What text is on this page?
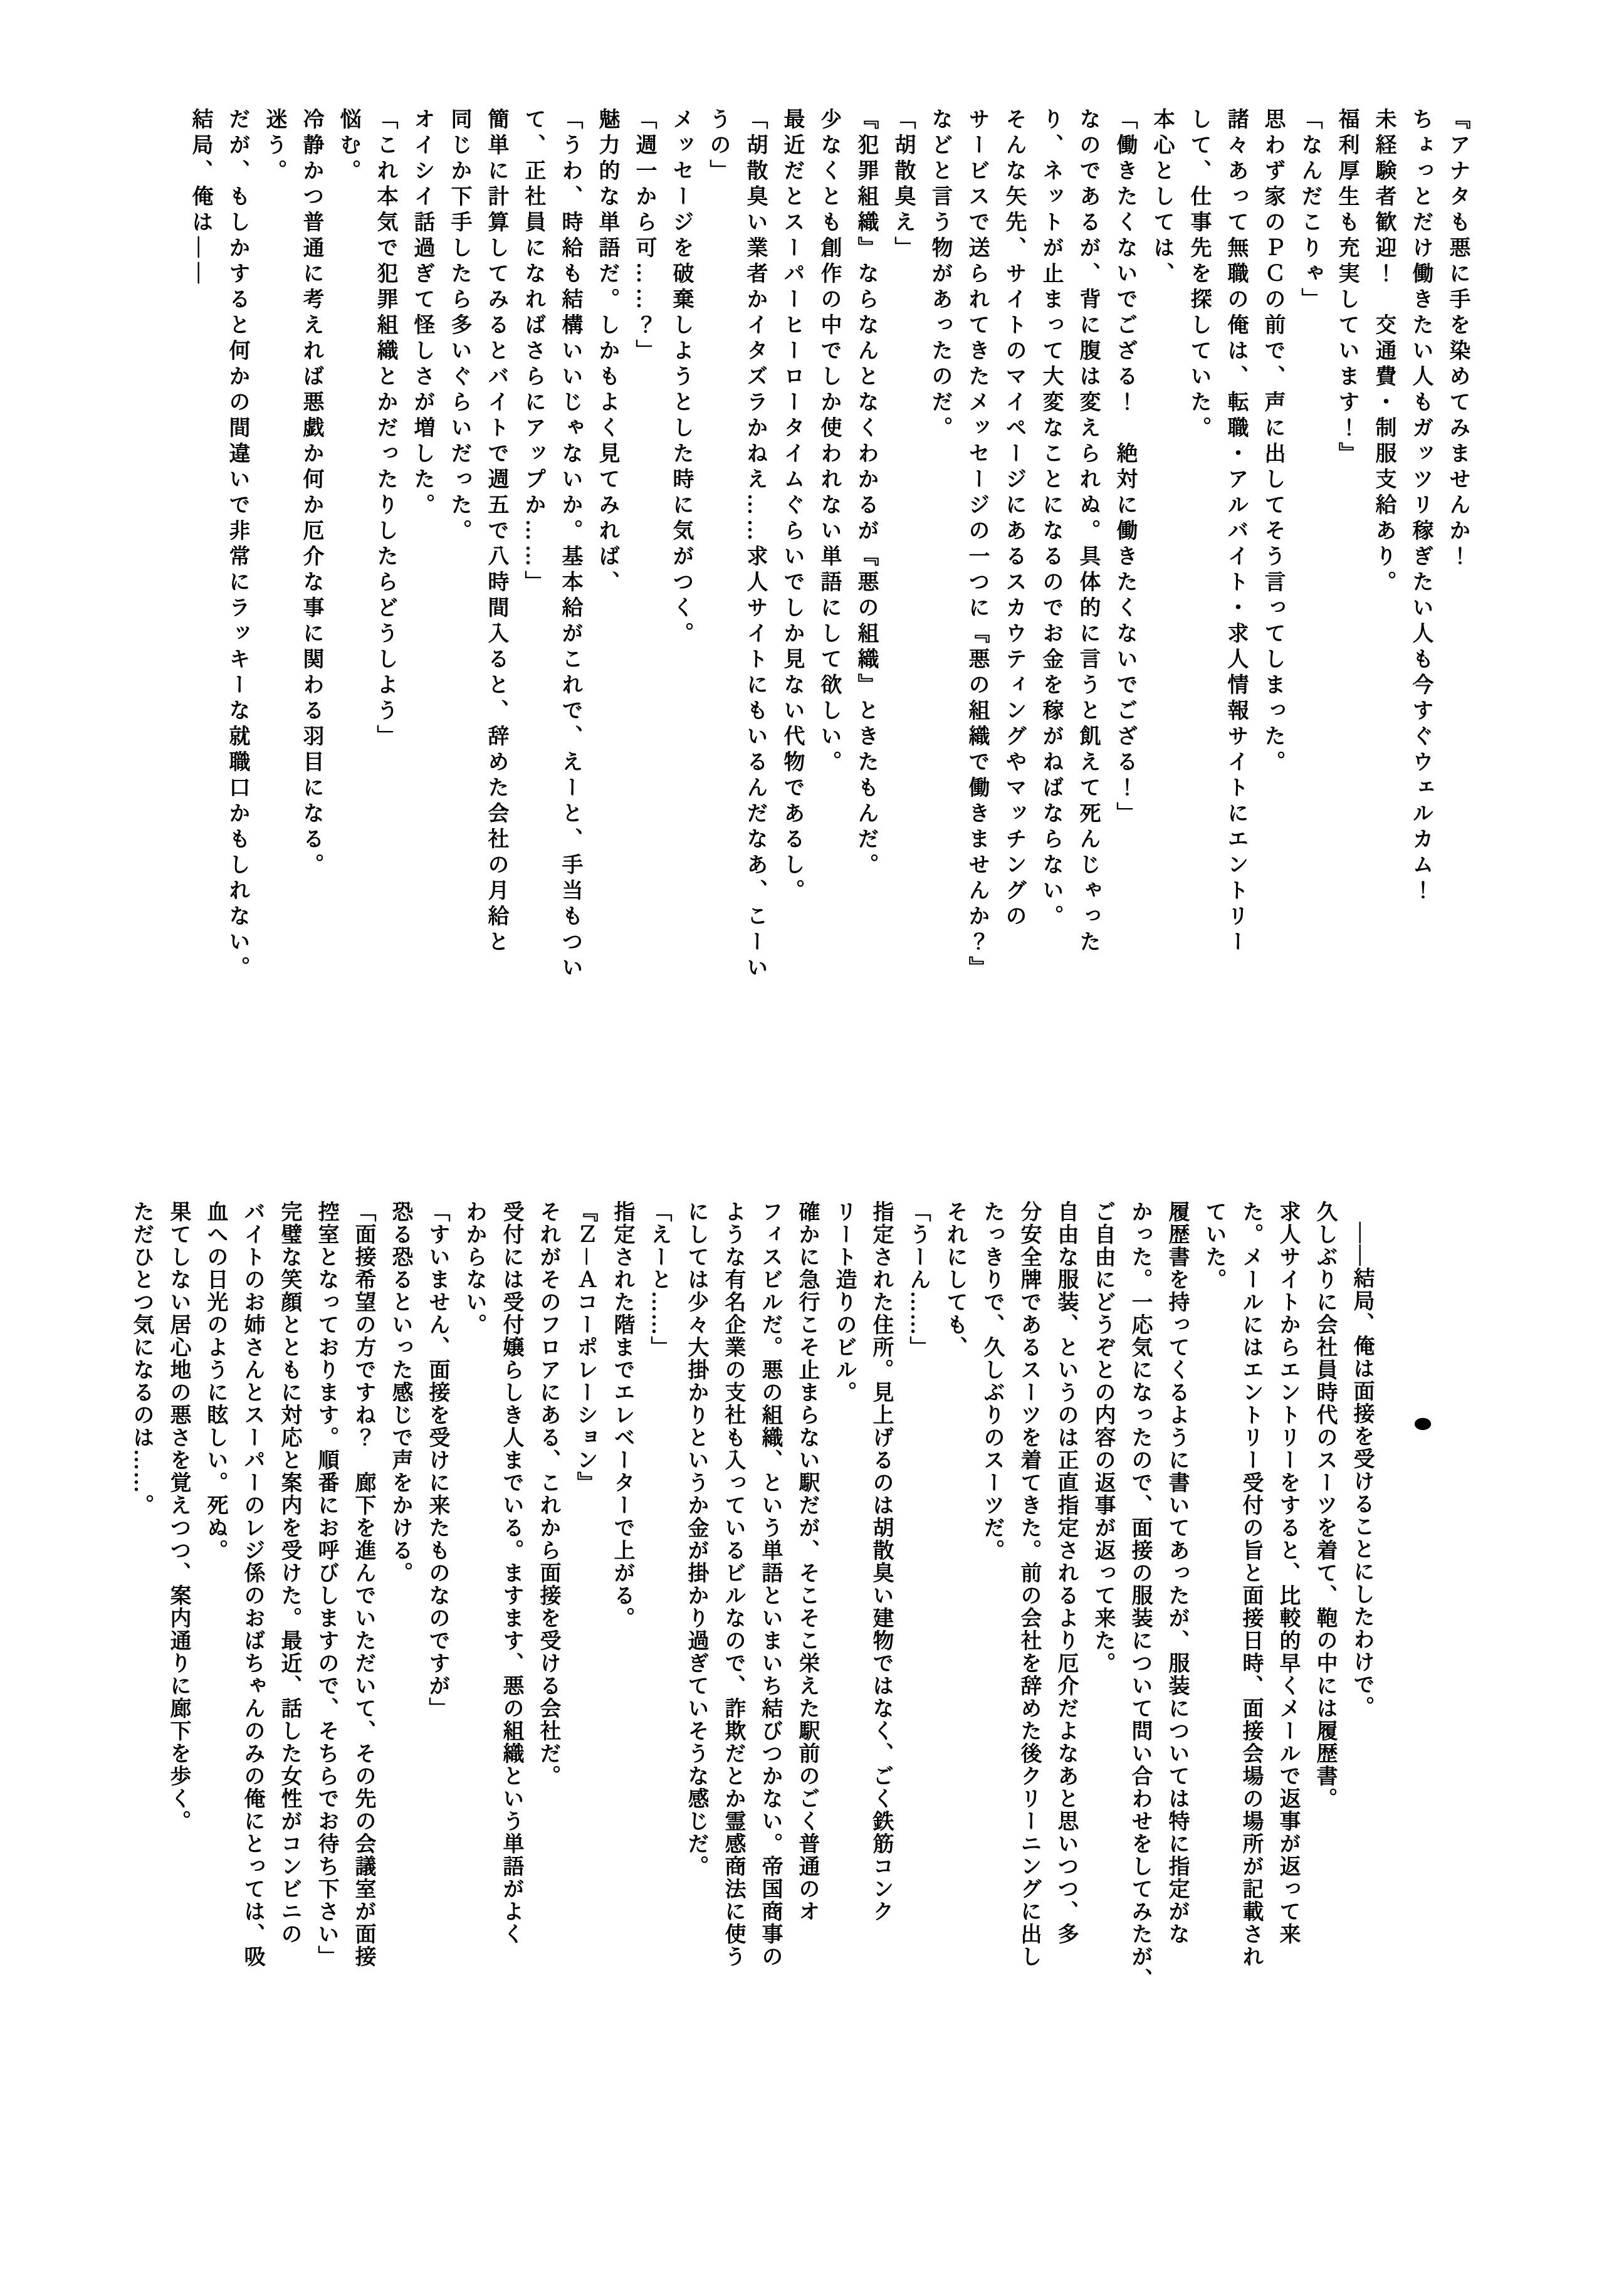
『アナタも悪に手を染めてみませんか！

ちょっとだけ働きたい人もガッツリ稼ぎたい人も今すぐウェルカム！

未経験者歓迎！　交通費・制服支給あり。

福利厚生も充実しています！』

「なんだこりゃ」

思わず家のＰＣの前で、声に出してそう言ってしまった。

諸々あって無職の俺は、転職・アルバイト・求人情報サイトにエントリー

して、仕事先を探していた。

本心としては、

「働きたくないでござる！　絶対に働きたくないでござる！」

なのであるが、背に腹は変えられぬ。具体的に言うと飢えて死んじゃった

り、ネットが止まって大変なことになるのでお金を稼がねばならない。

そんな矢先、サイトのマイページにあるスカウティングやマッチングの

サービスで送られてきたメッセージの一つに『悪の組織で働きませんか？』

などと言う物があったのだ。

「胡散臭え」

『犯罪組織』ならなんとなくわかるが『悪の組織』ときたもんだ。

少なくとも創作の中でしか使われない単語にして欲しい。

最近だとスーパーヒーロータイムぐらいでしか見ない代物であるし。

「胡散臭い業者かイタズラかねえ……求人サイトにもいるんだなあ、こーい

うの」

メッセージを破棄しようとした時に気がつく。

「週一から可……？」

魅力的な単語だ。しかもよく見てみれば、

「うわ、時給も結構いいじゃないか。基本給がこれで、えーと、手当もつい

て、正社員になればさらにアップか……」

簡単に計算してみるとバイトで週五で八時間入ると、辞めた会社の月給と

同じか下手したら多いぐらいだった。

オイシイ話過ぎて怪しさが増した。

「これ本気で犯罪組織とかだったりしたらどうしよう」

悩む。

冷静かつ普通に考えれば悪戯か何か厄介な事に関わる羽目になる。

迷う。

だが、もしかすると何かの間違いで非常にラッキーな就職口かもしれない。

結局、俺は——

●

——結局、俺は面接を受けることにしたわけで。

久しぶりに会社員時代のスーツを着て、鞄の中には履歴書。

求人サイトからエントリーをすると、比較的早くメールで返事が返って来

た。メールにはエントリー受付の旨と面接日時、面接会場の場所が記載され

ていた。

履歴書を持ってくるように書いてあったが、服装については特に指定がな

かった。一応気になったので、面接の服装について問い合わせをしてみたが、

ご自由にどうぞとの内容の返事が返って来た。

自由な服装、というのは正直指定されるより厄介だよなあと思いつつ、多

分安全牌であるスーツを着てきた。前の会社を辞めた後クリーニングに出し

たっきりで、久しぶりのスーツだ。

それにしても、

「うーん……」

指定された住所。見上げるのは胡散臭い建物ではなく、ごく鉄筋コンク

リート造りのビル。

確かに急行こそ止まらない駅だが、そこそこ栄えた駅前のごく普通のオ

フィスビルだ。悪の組織、という単語といまいち結びつかない。帝国商事の

ような有名企業の支社も入っているビルなので、詐欺だとか霊感商法に使う

にしては少々大掛かりというか金が掛かり過ぎていそうな感じだ。

「えーと……」

指定された階までエレベーターで上がる。

『Ｚ－Ａコーポレーション』

それがそのフロアにある、これから面接を受ける会社だ。

受付には受付嬢らしき人までいる。ますます、悪の組織という単語がよく

わからない。

「すいません、面接を受けに来たものなのですが」

恐る恐るといった感じで声をかける。

「面接希望の方ですね？　廊下を進んでいただいて、その先の会議室が面接

控室となっております。順番にお呼びしますので、そちらでお待ち下さい」

完璧な笑顔とともに対応と案内を受けた。最近、話した女性がコンビニの

バイトのお姉さんとスーパーのレジ係のおばちゃんのみの俺にとっては、吸

血への日光のように眩しい。死ぬ。

果てしない居心地の悪さを覚えつつ、案内通りに廊下を歩く。

ただひとつ気になるのは……。
